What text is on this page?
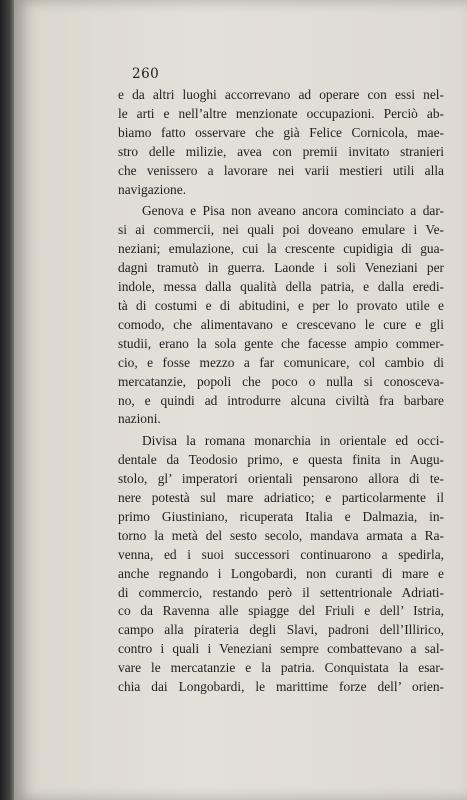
260
e da altri luoghi accorrevano ad operare con essi nel-
le arti e nell’altre menzionate occupazioni. Perciò ab-
biamo fatto osservare che già Felice Cornicola, mae-
stro delle milizie, avea con premii invitato stranieri
che venissero a lavorare nei varii mestieri utili alla
navigazione.
Genova e Pisa non aveano ancora cominciato a dar-
si ai commercii, nei quali poi doveano emulare i Ve-
neziani; emulazione, cui la crescente cupidigia di gua-
dagni tramutò in guerra. Laonde i soli Veneziani per
indole, messa dalla qualità della patria, e dalla eredi-
tà di costumi e di abitudini, e per lo provato utile e
comodo, che alimentavano e crescevano le cure e gli
studii, erano la sola gente che facesse ampio commer-
cio, e fosse mezzo a far comunicare, col cambio di
mercatanzie, popoli che poco o nulla si conosceva-
no, e quindi ad introdurre alcuna civiltà fra barbare
nazioni.
Divisa la romana monarchia in orientale ed occi-
dentale da Teodosio primo, e questa finita in Augu-
stolo, gl’ imperatori orientali pensarono allora di te-
nere potestà sul mare adriatico; e particolarmente il
primo Giustiniano, ricuperata Italia e Dalmazia, in-
torno la metà del sesto secolo, mandava armata a Ra-
venna, ed i suoi successori continuarono a spedirla,
anche regnando i Longobardi, non curanti di mare e
di commercio, restando però il settentrionale Adriati-
co da Ravenna alle spiagge del Friuli e dell’ Istria,
campo alla pirateria degli Slavi, padroni dell’Illirico,
contro i quali i Veneziani sempre combattevano a sal-
vare le mercatanzie e la patria. Conquistata la esar-
chia dai Longobardi, le marittime forze dell’ orien-
